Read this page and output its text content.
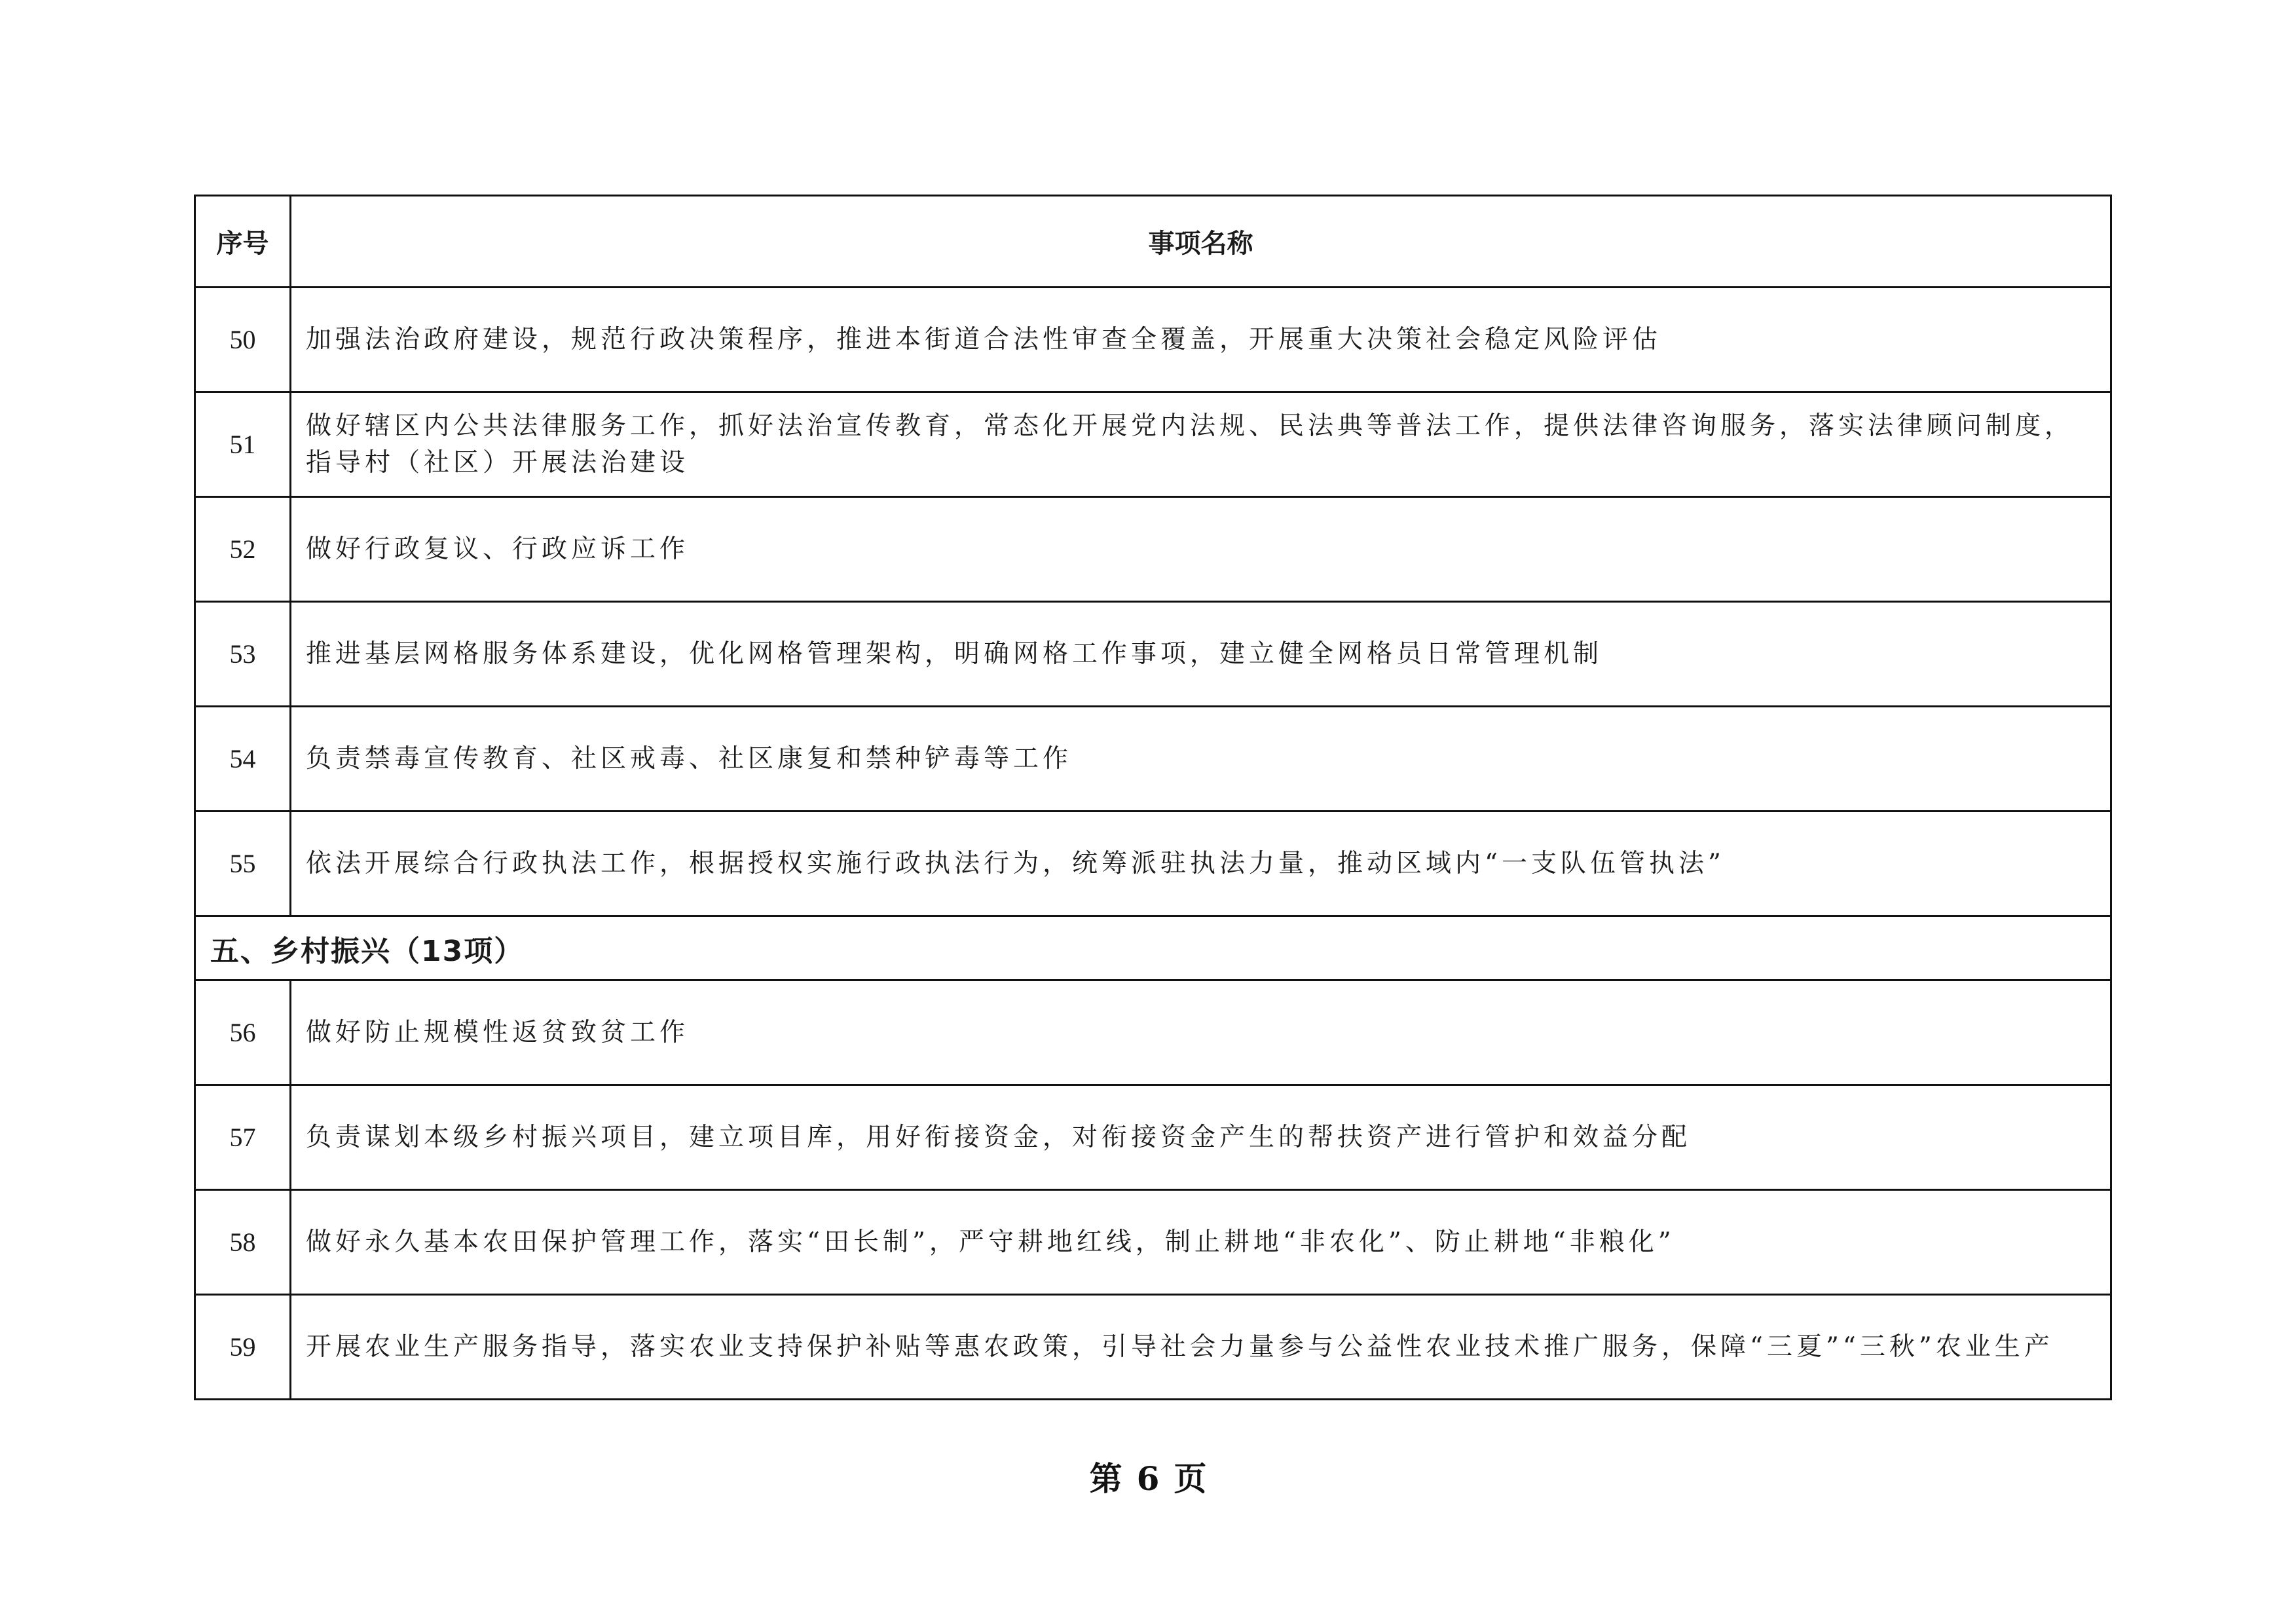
序号	事项名称
50	加强法治政府建设，规范行政决策程序，推进本街道合法性审查全覆盖，开展重大决策社会稳定风险评估
51	做好辖区内公共法律服务工作，抓好法治宣传教育，常态化开展党内法规、民法典等普法工作，提供法律咨询服务，落实法律顾问制度，指导村（社区）开展法治建设
52	做好行政复议、行政应诉工作
53	推进基层网格服务体系建设，优化网格管理架构，明确网格工作事项，建立健全网格员日常管理机制
54	负责禁毒宣传教育、社区戒毒、社区康复和禁种铲毒等工作
55	依法开展综合行政执法工作，根据授权实施行政执法行为，统筹派驻执法力量，推动区域内“一支队伍管执法”
五、乡村振兴（13项）	
56	做好防止规模性返贫致贫工作
57	负责谋划本级乡村振兴项目，建立项目库，用好衔接资金，对衔接资金产生的帮扶资产进行管护和效益分配
58	做好永久基本农田保护管理工作，落实“田长制”，严守耕地红线，制止耕地“非农化”、防止耕地“非粮化”
59	开展农业生产服务指导，落实农业支持保护补贴等惠农政策，引导社会力量参与公益性农业技术推广服务，保障“三夏”“三秋”农业生产
第 6 页
